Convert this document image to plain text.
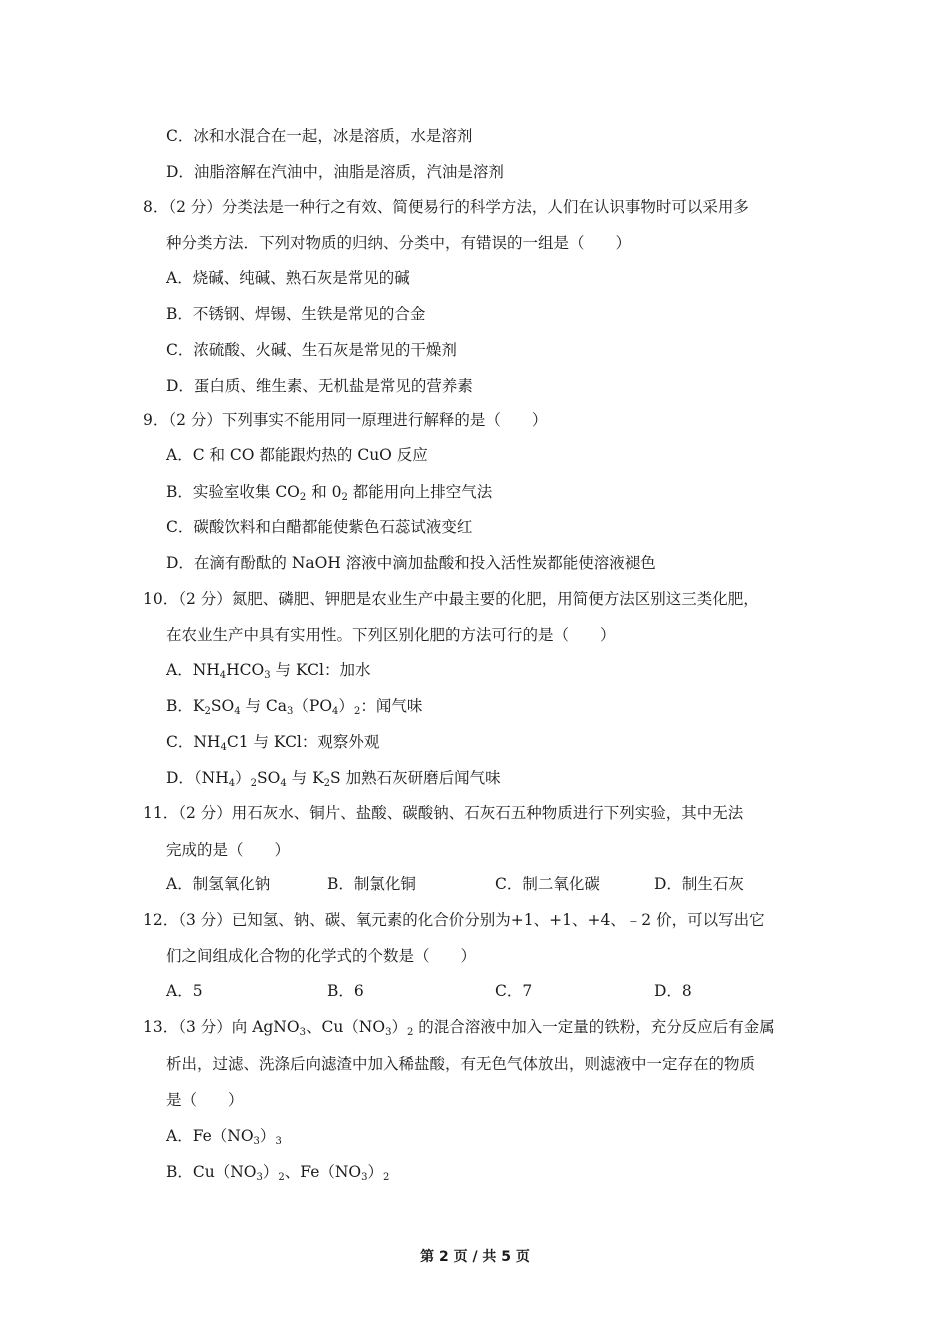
C．冰和水混合在一起，冰是溶质，水是溶剂
D．油脂溶解在汽油中，油脂是溶质，汽油是溶剂
8．（2 分）分类法是一种行之有效、简便易行的科学方法，人们在认识事物时可以采用多
种分类方法．下列对物质的归纳、分类中，有错误的一组是（　　）
A．烧碱、纯碱、熟石灰是常见的碱
B．不锈钢、焊锡、生铁是常见的合金
C．浓硫酸、火碱、生石灰是常见的干燥剂
D．蛋白质、维生素、无机盐是常见的营养素
9．（2 分）下列事实不能用同一原理进行解释的是（　　）
A．C 和 CO 都能跟灼热的 CuO 反应
B．实验室收集 $CO_2$ 和 $0_2$ 都能用向上排空气法
C．碳酸饮料和白醋都能使紫色石蕊试液变红
D．在滴有酚酞的 NaOH 溶液中滴加盐酸和投入活性炭都能使溶液褪色
10．（2 分）氮肥、磷肥、钾肥是农业生产中最主要的化肥，用简便方法区别这三类化肥，
在农业生产中具有实用性。下列区别化肥的方法可行的是（　　）
A．$NH_4HCO_3$ 与 KCl：加水
B．$K_2SO_4$ 与 $Ca_3(PO_4)_2$：闻气味
C．$NH_4C1$ 与 KCl：观察外观
D．$(NH_4)_2SO_4$ 与 $K_2S$ 加熟石灰研磨后闻气味
11．（2 分）用石灰水、铜片、盐酸、碳酸钠、石灰石五种物质进行下列实验，其中无法
完成的是（　　）
A．制氢氧化钠	B．制氯化铜	C．制二氧化碳	D．制生石灰
12．（3 分）已知氢、钠、碳、氧元素的化合价分别为+1、+1、+4、﹣2 价，可以写出它
们之间组成化合物的化学式的个数是（　　）
A．5	B．6	C．7	D．8
13．（3 分）向 AgNO$_3$、$Cu(NO_3)_2$ 的混合溶液中加入一定量的铁粉，充分反应后有金属
析出，过滤、洗涤后向滤渣中加入稀盐酸，有无色气体放出，则滤液中一定存在的物质
是（　　）
A．$Fe(NO_3)_3$
B．$Cu(NO_3)_2$、$Fe(NO_3)_2$
第 2 页 / 共 5 页
